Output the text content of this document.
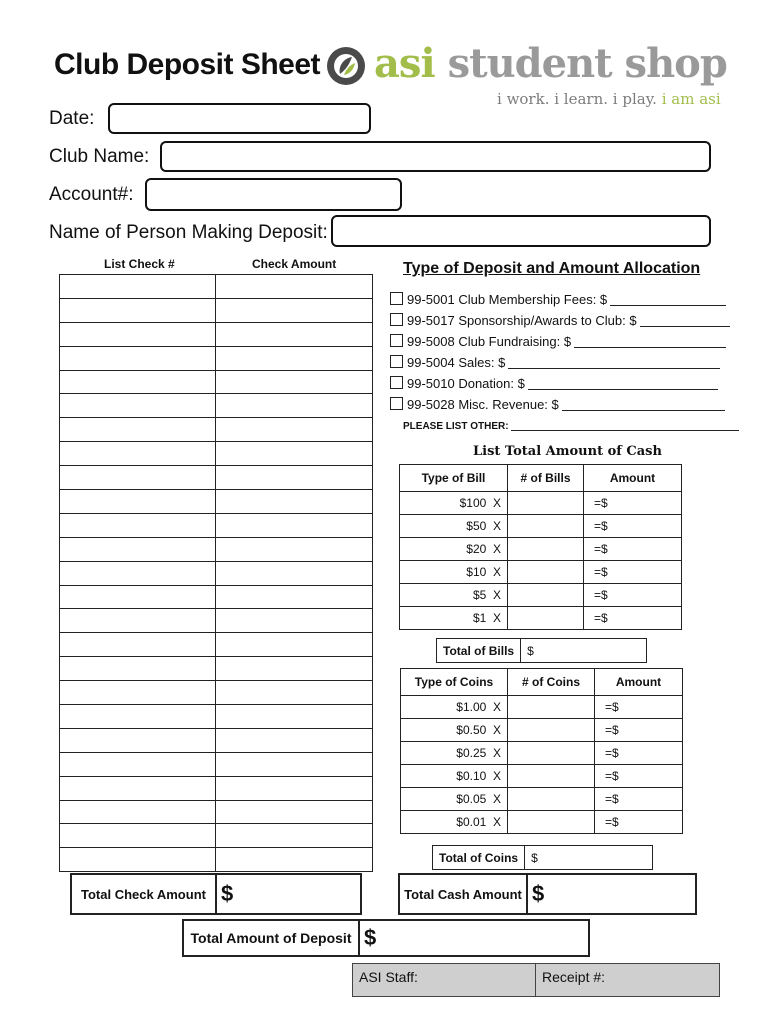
Club Deposit Sheet asi student shop
i work. i learn. i play. i am asi
Date:
Club Name:
Account#:
Name of Person Making Deposit:
List Check #	Check Amount

		Type of Deposit and Amount Allocation
99-5001 Club Membership Fees: $
99-5017 Sponsorship/Awards to Club: $
99-5008 Club Fundraising: $
99-5004 Sales: $
99-5010 Donation: $
99-5028 Misc. Revenue: $
PLEASE LIST OTHER:
List Total Amount of Cash
Type of Bill	# of Bills	Amount
$100  X		=$
$50  X		=$
$20  X		=$
$10  X		=$
$5  X		=$
$1  X		=$
Total of Bills	$
Type of Coins	# of Coins	Amount
$1.00  X		=$
$0.50  X		=$
$0.25  X		=$
$0.10  X		=$
$0.05  X		=$
$0.01  X		=$
Total of Coins	$
Total Check Amount $	Total Cash Amount $
Total Amount of Deposit $
ASI Staff:	Receipt #:
